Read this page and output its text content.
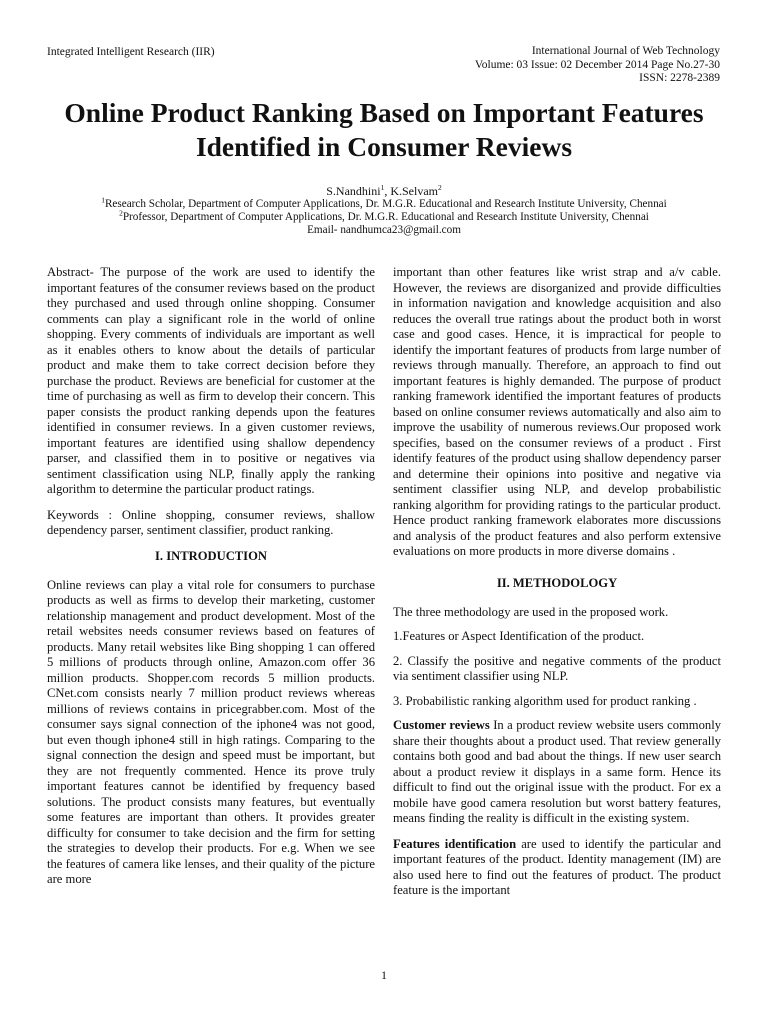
Integrated Intelligent Research (IIR)	International Journal of Web Technology
Volume: 03 Issue: 02 December 2014 Page No.27-30
ISSN: 2278-2389
Online Product Ranking Based on Important Features Identified in Consumer Reviews
S.Nandhini$^1$, K.Selvam$^2$
$^1$Research Scholar, Department of Computer Applications, Dr. M.G.R. Educational and Research Institute University, Chennai
$^2$Professor, Department of Computer Applications, Dr. M.G.R. Educational and Research Institute University, Chennai
Email- nandhumca23@gmail.com

Abstract- The purpose of the work are used to identify the important features of the consumer reviews based on the product they purchased and used through online shopping. Consumer comments can play a significant role in the world of online shopping. Every comments of individuals are important as well as it enables others to know about the details of particular product and make them to take correct decision before they purchase the product. Reviews are beneficial for customer at the time of purchasing as well as firm to develop their concern. This paper consists the product ranking depends upon the features identified in consumer reviews. In a given customer reviews, important features are identified using shallow dependency parser, and classified them in to positive or negatives via sentiment classification using NLP, finally apply the ranking algorithm to determine the particular product ratings.

Keywords : Online shopping, consumer reviews, shallow dependency parser, sentiment classifier, product ranking.

I. INTRODUCTION

Online reviews can play a vital role for consumers to purchase products as well as firms to develop their marketing, customer relationship management and product development. Most of the retail websites needs consumer reviews based on features of products. Many retail websites like Bing shopping 1 can offered 5 millions of products through online, Amazon.com offer 36 million products. Shopper.com records 5 million products. CNet.com consists nearly 7 million product reviews whereas millions of reviews contains in pricegrabber.com. Most of the consumer says signal connection of the iphone4 was not good, but even though iphone4 still in high ratings. Comparing to the signal connection the design and speed must be important, but they are not frequently commented. Hence its prove truly important features cannot be identified by frequency based solutions. The product consists many features, but eventually some features are important than others. It provides greater difficulty for consumer to take decision and the firm for setting the strategies to develop their products. For e.g. When we see the features of camera like lenses, and their quality of the picture are more

important than other features like wrist strap and a/v cable. However, the reviews are disorganized and provide difficulties in information navigation and knowledge acquisition and also reduces the overall true ratings about the product both in worst case and good cases. Hence, it is impractical for people to identify the important features of products from large number of reviews through manually. Therefore, an approach to find out important features is highly demanded. The purpose of product ranking framework identified the important features of products based on online consumer reviews automatically and also aim to improve the usability of numerous reviews.Our proposed work specifies, based on the consumer reviews of a product . First identify features of the product using shallow dependency parser and determine their opinions into positive and negative via sentiment classifier using NLP, and develop probabilistic ranking algorithm for providing ratings to the particular product. Hence product ranking framework elaborates more discussions and analysis of the product features and also perform extensive evaluations on more products in more diverse domains .

II. METHODOLOGY

The three methodology are used in the proposed work.

1.Features or Aspect Identification of the product.

2. Classify the positive and negative comments of the product via sentiment classifier using NLP.

3. Probabilistic ranking algorithm used for product ranking .

Customer reviews In a product review website users commonly share their thoughts about a product used. That review generally contains both good and bad about the things. If new user search about a product review it displays in a same form. Hence its difficult to find out the original issue with the product. For ex a mobile have good camera resolution but worst battery features, means finding the reality is difficult in the existing system.

Features identification are used to identify the particular and important features of the product. Identity management (IM) are also used here to find out the features of product. The product feature is the important

1
